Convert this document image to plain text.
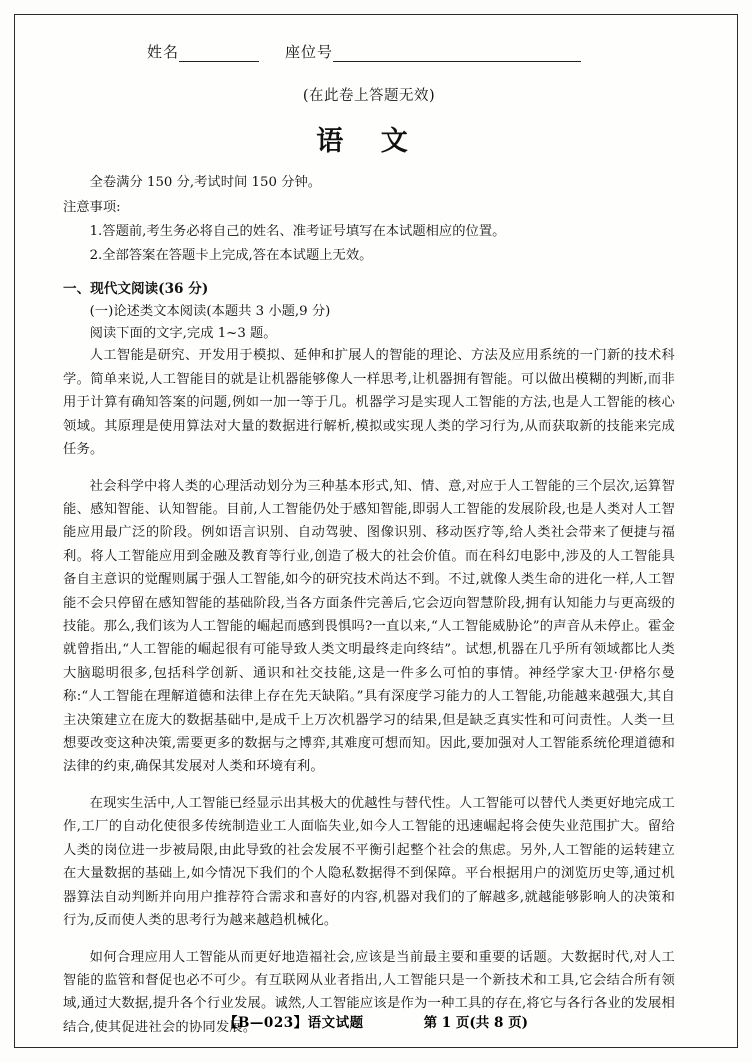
姓名	座位号
(在此卷上答题无效)
语 文
全卷满分 150 分,考试时间 150 分钟。
注意事项:
1.答题前,考生务必将自己的姓名、准考证号填写在本试题相应的位置。
2.全部答案在答题卡上完成,答在本试题上无效。
一、现代文阅读(36 分)
(一)论述类文本阅读(本题共 3 小题,9 分)
阅读下面的文字,完成 1~3 题。

人工智能是研究、开发用于模拟、延伸和扩展人的智能的理论、方法及应用系统的一门新的技术科学。简单来说,人工智能目的就是让机器能够像人一样思考,让机器拥有智能。可以做出模糊的判断,而非用于计算有确知答案的问题,例如一加一等于几。机器学习是实现人工智能的方法,也是人工智能的核心领域。其原理是使用算法对大量的数据进行解析,模拟或实现人类的学习行为,从而获取新的技能来完成任务。

社会科学中将人类的心理活动划分为三种基本形式,知、情、意,对应于人工智能的三个层次,运算智能、感知智能、认知智能。目前,人工智能仍处于感知智能,即弱人工智能的发展阶段,也是人类对人工智能应用最广泛的阶段。例如语言识别、自动驾驶、图像识别、移动医疗等,给人类社会带来了便捷与福利。将人工智能应用到金融及教育等行业,创造了极大的社会价值。而在科幻电影中,涉及的人工智能具备自主意识的觉醒则属于强人工智能,如今的研究技术尚达不到。不过,就像人类生命的进化一样,人工智能不会只停留在感知智能的基础阶段,当各方面条件完善后,它会迈向智慧阶段,拥有认知能力与更高级的技能。那么,我们该为人工智能的崛起而感到畏惧吗?一直以来,“人工智能威胁论”的声音从未停止。霍金就曾指出,“人工智能的崛起很有可能导致人类文明最终走向终结”。试想,机器在几乎所有领域都比人类大脑聪明很多,包括科学创新、通识和社交技能,这是一件多么可怕的事情。神经学家大卫·伊格尔曼称:“人工智能在理解道德和法律上存在先天缺陷。”具有深度学习能力的人工智能,功能越来越强大,其自主决策建立在庞大的数据基础中,是成千上万次机器学习的结果,但是缺乏真实性和可问责性。人类一旦想要改变这种决策,需要更多的数据与之博弈,其难度可想而知。因此,要加强对人工智能系统伦理道德和法律的约束,确保其发展对人类和环境有利。

在现实生活中,人工智能已经显示出其极大的优越性与替代性。人工智能可以替代人类更好地完成工作,工厂的自动化使很多传统制造业工人面临失业,如今人工智能的迅速崛起将会使失业范围扩大。留给人类的岗位进一步被局限,由此导致的社会发展不平衡引起整个社会的焦虑。另外,人工智能的运转建立在大量数据的基础上,如今情况下我们的个人隐私数据得不到保障。平台根据用户的浏览历史等,通过机器算法自动判断并向用户推荐符合需求和喜好的内容,机器对我们的了解越多,就越能够影响人的决策和行为,反而使人类的思考行为越来越趋机械化。

如何合理应用人工智能从而更好地造福社会,应该是当前最主要和重要的话题。大数据时代,对人工智能的监管和督促也必不可少。有互联网从业者指出,人工智能只是一个新技术和工具,它会结合所有领域,通过大数据,提升各个行业发展。诚然,人工智能应该是作为一种工具的存在,将它与各行各业的发展相结合,使其促进社会的协同发展。

【B—023】语文试题	第 1 页(共 8 页)
